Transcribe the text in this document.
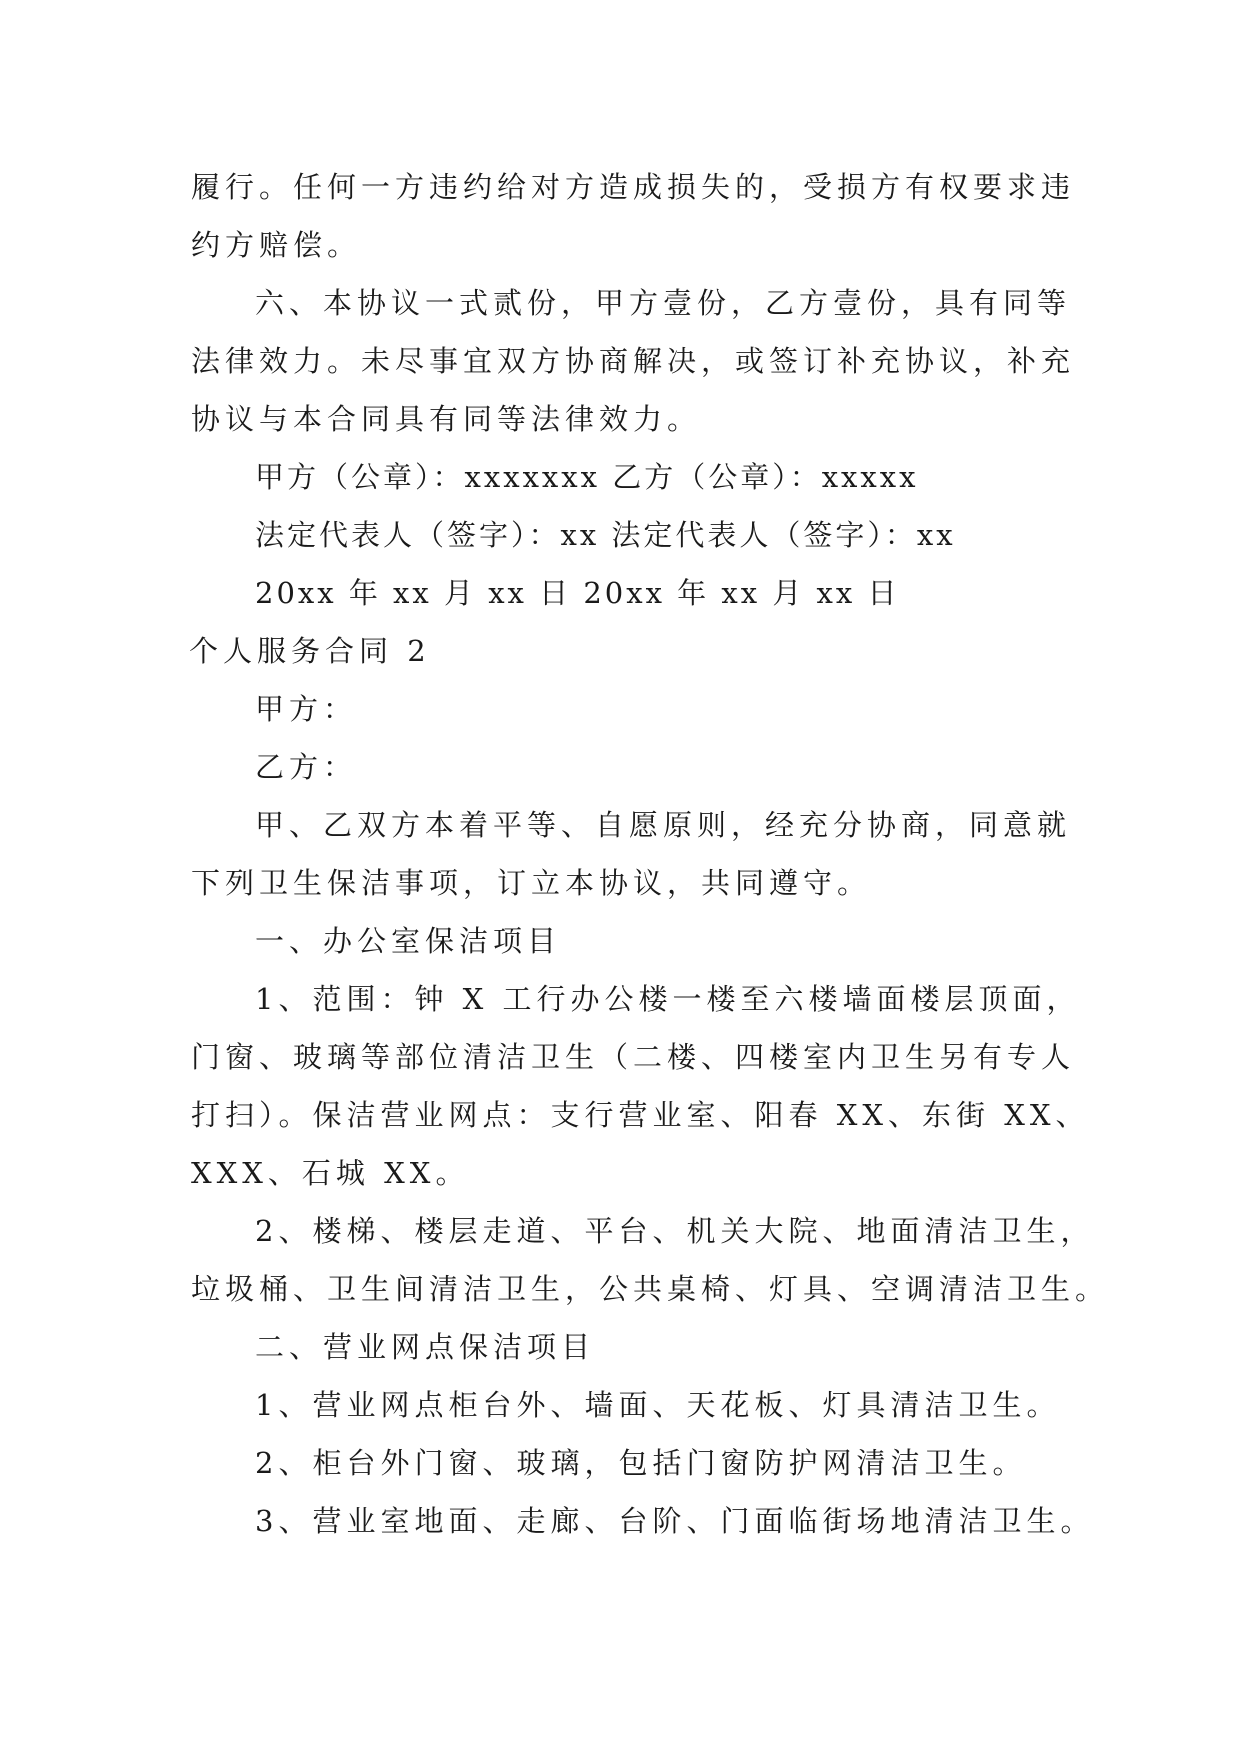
履行。任何一方违约给对方造成损失的，受损方有权要求违
约方赔偿。
六、本协议一式贰份，甲方壹份，乙方壹份，具有同等
法律效力。未尽事宜双方协商解决，或签订补充协议，补充
协议与本合同具有同等法律效力。
甲方（公章）：xxxxxxx 乙方（公章）：xxxxx
法定代表人（签字）：xx 法定代表人（签字）：xx
20xx 年 xx 月 xx 日 20xx 年 xx 月 xx 日
个人服务合同 2
甲方：
乙方：
甲、乙双方本着平等、自愿原则，经充分协商，同意就
下列卫生保洁事项，订立本协议，共同遵守。
一、办公室保洁项目
1、范围：钟 X 工行办公楼一楼至六楼墙面楼层顶面，
门窗、玻璃等部位清洁卫生（二楼、四楼室内卫生另有专人
打扫）。保洁营业网点：支行营业室、阳春 XX、东街 XX、
XXX、石城 XX。
2、楼梯、楼层走道、平台、机关大院、地面清洁卫生，
垃圾桶、卫生间清洁卫生，公共桌椅、灯具、空调清洁卫生。
二、营业网点保洁项目
1、营业网点柜台外、墙面、天花板、灯具清洁卫生。
2、柜台外门窗、玻璃，包括门窗防护网清洁卫生。
3、营业室地面、走廊、台阶、门面临街场地清洁卫生。
